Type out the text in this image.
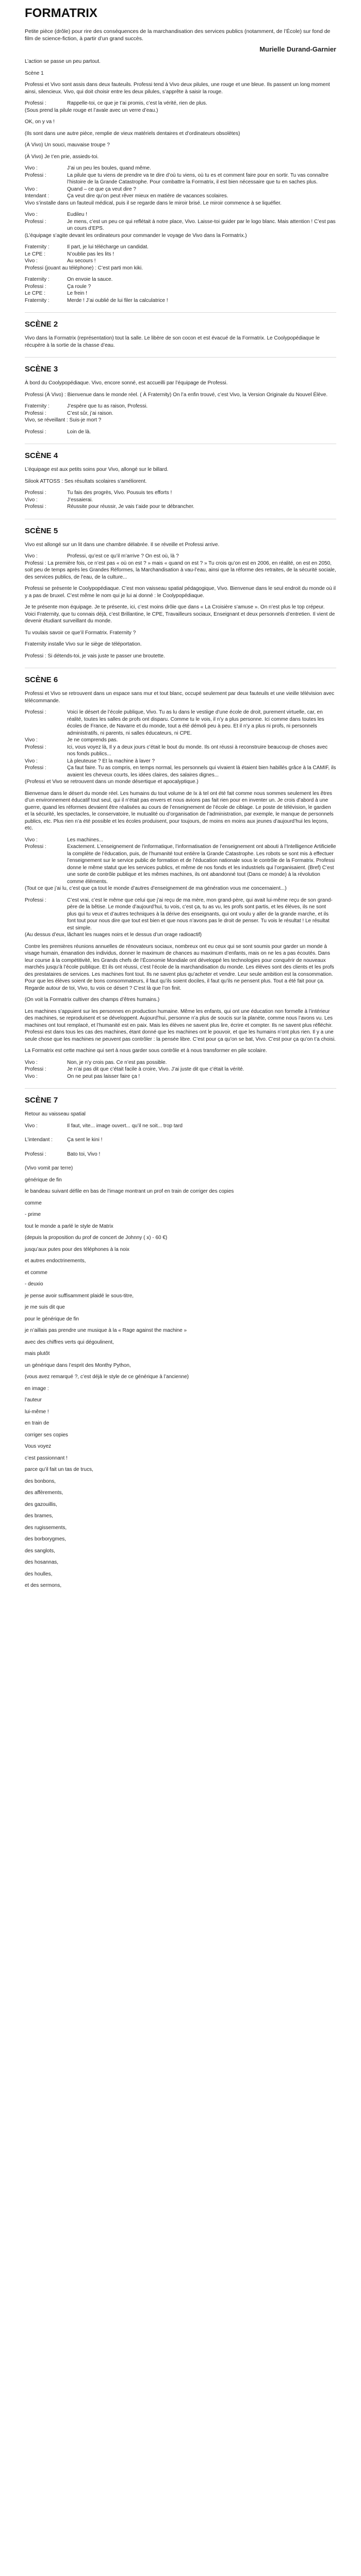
FORMATRIX
Petite pièce (drôle) pour rire des conséquences de la marchandisation des services publics (notamment, de l’École) sur fond de film de science-fiction, à partir d’un grand succès.
Murielle Durand-Garnier

L’action se passe un peu partout.

Scène 1

Professi et Vivo sont assis dans deux fauteuils. Professi tend à Vivo deux pilules, une rouge et une bleue. Ils passent un long moment ainsi, silencieux. Vivo, qui doit choisir entre les deux pilules, s’apprête à saisir la rouge.

Professi :	Rappelle-toi, ce que je t’ai promis, c’est la vérité, rien de plus.

(Sous prend la pilule rouge et l’avale avec un verre d’eau.)

OK, on y va !

(Ils sont dans une autre pièce, remplie de vieux matériels dentaires et d’ordinateurs obsolètes)

(À Vivo) Un souci, mauvaise troupe ?

(À Vivo) Je t’en prie, assieds-toi.

Vivo :	J’ai un peu les boules, quand même.
Professi :	La pilule que tu viens de prendre va te dire d’où tu viens, où tu es et comment faire pour en sortir. Tu vas connaître l’histoire de la Grande Catastrophe. Pour combattre la Formatrix, il est bien nécessaire que tu en saches plus.
Vivo :	Quand – ce que ça veut dire ?
Intendant :	Ça veut dire qu’on peut rêver mieux en matière de vacances scolaires.

Vivo s’installe dans un fauteuil médical, puis il se regarde dans le miroir brisé. Le miroir commence à se liquéfier.

Vivo :	Eudileu !
Professi :	Je mens, c’est un peu ce qui reflétait à notre place, Vivo. Laisse-toi guider par le logo blanc. Mais attention ! C’est pas un cours d’EPS.

(L’équipage s’agite devant les ordinateurs pour commander le voyage de Vivo dans la Formatrix.)

Fraternity :	Il part, je lui télécharge un candidat.
Le CPE :	N’oublie pas les lits !
Vivo :	Au secours !

Professi (jouant au téléphone) : C’est parti mon kiki.

Fraternity :	On envoie la sauce.
Professi :	Ça roule ?
Le CPE :	Le frein !
Fraternity :	Merde ! J’ai oublié de lui filer la calculatrice !
SCÈNE 2

Vivo dans la Formatrix (représentation) tout la salle. Le libère de son cocon et est évacué de la Formatrix. Le Coolypopédiaque le récupère à la sortie de la chasse d’eau.

SCÈNE 3

À bord du Coolypopédiaque. Vivo, encore sonné, est accueilli par l’équipage de Professi.

Professi (À Vivo) : Bienvenue dans le monde réel. ( À Fraternity) On l’a enfin trouvé, c’est Vivo, la Version Originale du Nouvel Élève.

Fraternity :	J’espère que tu as raison, Professi.
Professi :	C’est sûr, j’ai raison.

Vivo, se réveillant : Suis-je mort ?

Professi :	Loin de là.
SCÈNE 4

L’équipage est aux petits soins pour Vivo, allongé sur le billard.

Silook ATTOSS : Ses résultats scolaires s’améliorent.

Professi :	Tu fais des progrès, Vivo. Pousuis tes efforts !
Vivo :	J’essaierai.
Professi :	Réussite pour réussir, Je vais t’aide pour te débrancher.
SCÈNE 5

Vivo est allongé sur un lit dans une chambre délabrée. Il se réveille et Professi arrive.

Vivo :	Professi, qu’est ce qu’il m’arrive ? On est où, là ?

Professi : La première fois, ce n’est pas « où on est ? » mais « quand on est ? » Tu crois qu’on est en 2006, en réalité, on est en 2050, soit peu de temps après les Grandes Réformes, la Marchandisation à vau-l’eau, ainsi que la réforme des retraites, de la sécurité sociale, des services publics, de l’eau, de la culture...

Professi se présente le Coolypopédiaque. C’est mon vaisseau spatial pédagogique, Vivo. Bienvenue dans le seul endroit du monde où il y a pas de bruxel. C’est même le nom qui je lui ai donné : le Coolypopédiaque.

Je te présente mon équipage. Je te présente, ici, c’est moins drôle que dans « La Croisière s’amuse ». On n’est plus le top crépeur. Voici Fraternity, que tu connais déjà, c’est Brillantine, le CPE, Travailleurs sociaux, Enseignant et deux personnels d’entretien. Il vient de devenir étudiant surveillant du monde.

Tu voulais savoir ce que’il Formatrix. Fraternity ?

Fraternity installe Vivo sur le siège de téléportation.

Professi : Si détends-toi, je vais juste te passer une broutette.

SCÈNE 6

Professi et Vivo se retrouvent dans un espace sans mur et tout blanc, occupé seulement par deux fauteuils et une vieille télévision avec télécommande.

Professi :	Voici le désert de l’école publique, Vivo. Tu as lu dans le vestiige d’une école de droit, purement virtuelle, car, en réalité, toutes les salles de profs ont disparu. Comme tu le vois, il n’y a plus personne. Ici comme dans toutes les écoles de France, de Navarre et du monde, tout a été démoli peu à peu. Et il n’y a plus ni profs, ni personnels administratifs, ni parents, ni salles éducateurs, ni CPE.
Vivo :	Je ne comprends pas.
Professi :	Ici, vous voyez là, Il y a deux jours c’était le bout du monde. Ils ont réussi à reconstruire beaucoup de choses avec nos fonds publics...
Vivo :	Là pleuteuse ? Et la machine à laver ?
Professi :	Ça faut faire. Tu as compris, en temps normal, les personnels qui vivaient là étaient bien habillés grâce à la CAMIF, ils avaient les cheveux courts, les idées claires, des salaires dignes...

(Professi et Vivo se retrouvent dans un monde désertique et apocalyptique.)

Bienvenue dans le désert du monde réel. Les humains du tout volume de Ix à tel ont été fait comme nous sommes seulement les êtres d’un environnement éducatif tout seul, qui il n’était pas envers et nous avions pas fait rien pour en inventer un. Je crois d’abord à une guerre, quand les réformes devaient être réalisées au cours de l’enseignement de l’école de ciblage. Le poste de télévision, le gardien et la sécurité, les spectacles, le conservatoire, le mutualité ou d’organisation de l’administration, par exemple, le manque de personnels publics, etc. Plus rien n’a été possible et les écoles produisent, pour toujours, de moins en moins aux jeunes d’aujourd’hui les leçons, etc.

Vivo :	Les machines...
Professi :	Exactement. L’enseignement de l’informatique, l’informatisation de l’enseignement ont abouti à l’Intelligence Artificielle la complète de l’éducation, puis, de l’humanité tout entière la Grande Catastrophe. Les robots se sont mis à effectuer l’enseignement sur le service public de formation et de l’éducation nationale sous le contrôle de la Formatrix. Professi donne le même statut que les services publics, et même de nos fonds et les industriels qui l’organisaient. (Bref) C’est une sorte de contrôle publique et les mêmes machines, ils ont abandonné tout (Dans ce monde) à la révolution comme éléments.

(Tout ce que j’ai lu, c’est que ça tout le monde d’autres d’enseignement de ma génération vous me concernaient...)

Professi :	C’est vrai, c’est le même que celui que j’ai reçu de ma mère, mon grand-père, qui avait lui-même reçu de son grand-père de la bêtise. Le monde d’aujourd’hui, tu vois, c’est ça, tu as vu, les profs sont partis, et les élèves, ils ne sont plus qui tu veux et d’autres techniques à la dérive des enseignants, qui ont voulu y aller de la grande marche, et ils font tout pour nous dire que tout est bien et que nous n’avons pas le droit de penser. Tu vois le résultat ! Le résultat est simple.

(Au dessus d’eux, lâchant les nuages noirs et le dessus d’un orage radioactif)

Contre les premières réunions annuelles de rénovateurs sociaux, nombreux ont eu ceux qui se sont soumis pour garder un monde à visage humain, émanation des individus, donner le maximum de chances au maximum d’enfants, mais on ne les a pas écoutés. Dans leur course à la compétitivité, les Grands chefs de l’Économie Mondiale ont développé les technologies pour conquérir de nouveaux marchés jusqu’à l’école publique. Et ils ont réussi, c’est l’école de la marchandisation du monde. Les élèves sont des clients et les profs des prestataires de services. Les machines font tout. Ils ne savent plus qu’acheter et vendre. Leur seule ambition est la consommation. Pour que les élèves soient de bons consommateurs, il faut qu’ils soient dociles, il faut qu’ils ne pensent plus. Tout a été fait pour ça. Regarde autour de toi, Vivo, tu vois ce désert ? C’est là que l’on finit.

(On voit la Formatrix cultiver des champs d’êtres humains.)

Les machines s’appuient sur les personnes en production humaine. Même les enfants, qui ont une éducation non formelle à l’intérieur des machines, se reproduisent et se développent. Aujourd’hui, personne n’a plus de soucis sur la planète, comme nous l’avons vu. Les machines ont tout remplacé, et l’humanité est en paix. Mais les élèves ne savent plus lire, écrire et compter. Ils ne savent plus réfléchir. Professi est dans tous les cas des machines, étant donné que les machines ont le pouvoir, et que les humains n’ont plus rien. Il y a une seule chose que les machines ne peuvent pas contrôler : la pensée libre. C’est pour ça qu’on se bat, Vivo. C’est pour ça qu’on t’a choisi.

La Formatrix est cette machine qui sert à nous garder sous contrôle et à nous transformer en pile scolaire.

Vivo :	Non, je n’y crois pas. Ce n’est pas possible.
Professi :	Je n’ai pas dit que c’était facile à croire, Vivo. J’ai juste dit que c’était la vérité.
Vivo :	On ne peut pas laisser faire ça !
SCÈNE 7

Retour au vaisseau spatial

Vivo :	Il faut, vite... image ouvert... qu’il ne soit... trop tard
L’intendant :	Ça sent le kini !
Professi :	Bato toi, Vivo !

(Vivo vomit par terre)

générique de fin

le bandeau suivant défile en bas de l’image montrant un prof en train de corriger des copies

comme

- prime

tout le monde a parlé le style de Matrix

(depuis la proposition du prof de concert de Johnny ( x) - 60 €)

jusqu’aux putes pour des téléphones à la noix

et autres endoctrinements,

et comme

- deuxio

je pense avoir suffisamment plaidé le sous-titre,

je me suis dit que

pour le générique de fin

je n’aillais pas prendre une musique à la « Rage against the machine »

avec des chiffres verts qui dégoulinent,

mais plutôt

un générique dans l’esprit des Monthy Python,

(vous avez remarqué ?, c’est déjà le style de ce générique à l’ancienne)

en image :

l’auteur

lui-même !

en train de

corriger ses copies

Vous voyez

c’est passionnant !

parce qu’il fait un tas de trucs,

des bonbons,

des affèrements,

des gazouillis,

des brames,

des rugissements,

des borborygmes,

des sanglots,

des hosannas,

des houlles,

et des sermons,
